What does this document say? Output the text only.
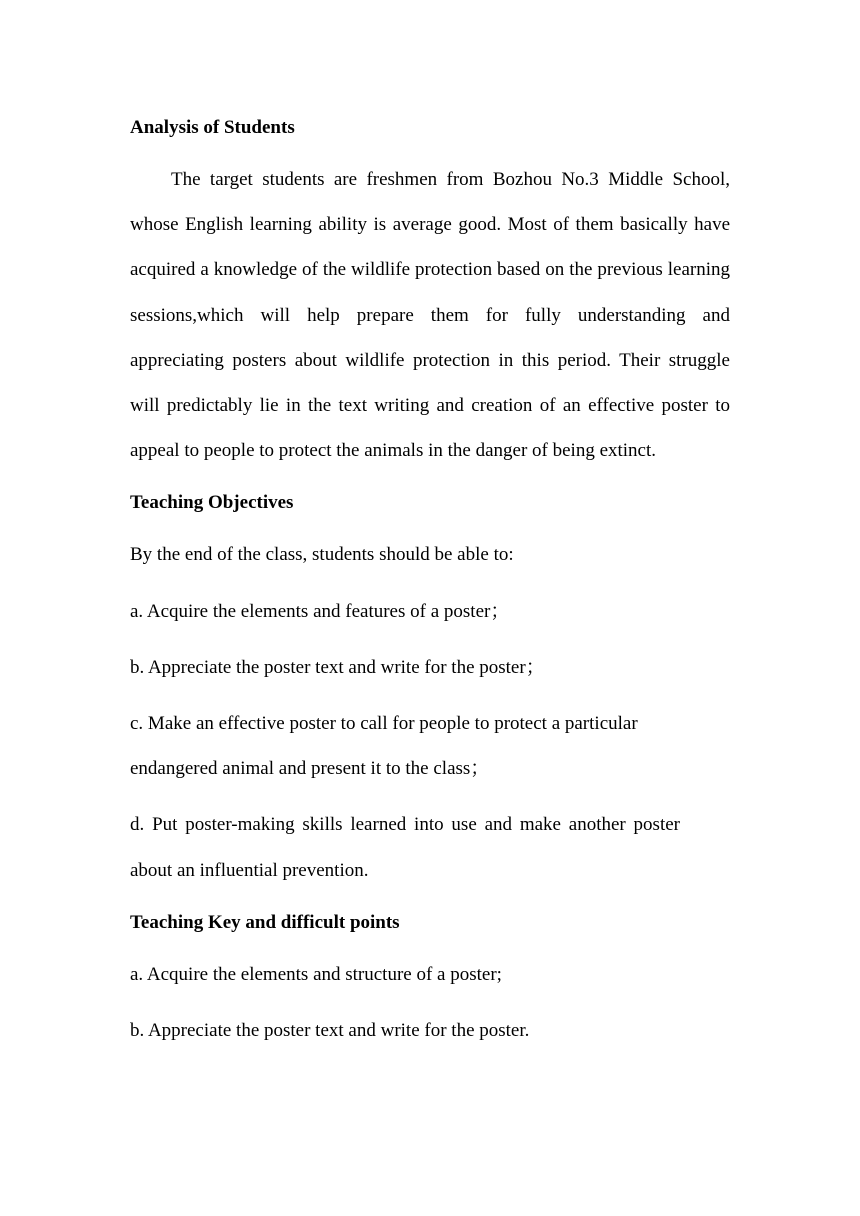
Analysis of Students

The target students are freshmen from Bozhou No.3 Middle School, whose English learning ability is average good. Most of them basically have acquired a knowledge of the wildlife protection based on the previous learning sessions,which will help prepare them for fully understanding and appreciating posters about wildlife protection in this period. Their struggle will predictably lie in the text writing and creation of an effective poster to appeal to people to protect the animals in the danger of being extinct.

Teaching Objectives

By the end of the class, students should be able to:

a. Acquire the elements and features of a poster；

b. Appreciate the poster text and write for the poster；

c. Make an effective poster to call for people to protect a particular endangered animal and present it to the class；

d. Put poster-making skills learned into use and make another poster about an influential prevention.

Teaching Key and difficult points

a. Acquire the elements and structure of a poster;

b. Appreciate the poster text and write for the poster.
